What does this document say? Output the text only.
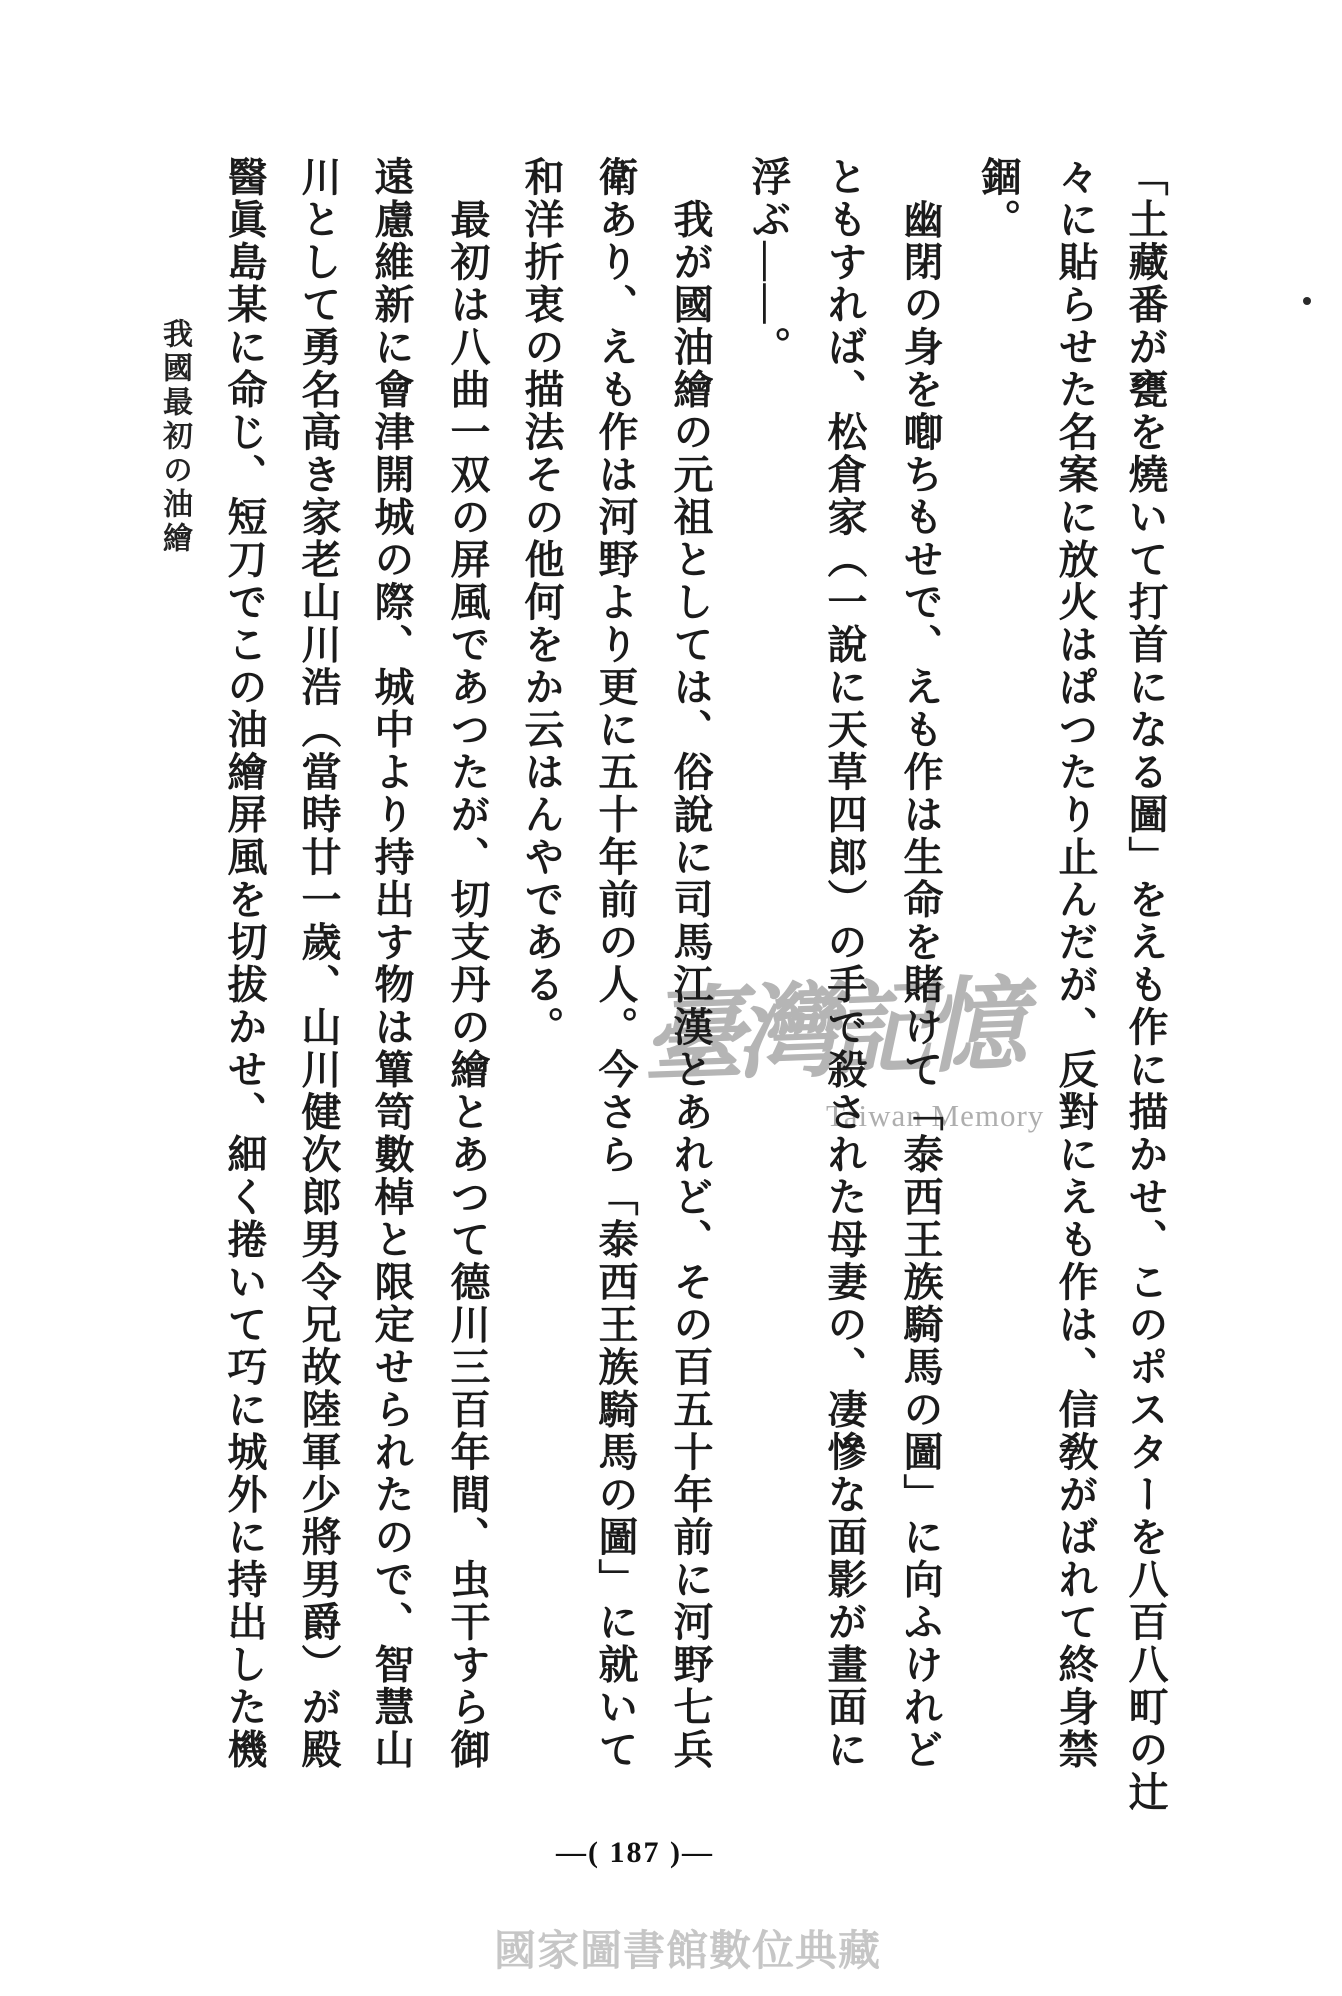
臺灣記憶
Taiwan Memory
我國最初の油繪	「土藏番が甕を燒いて打首になる圖」をえも作に描かせ、このポスターを八百八町の辻
々に貼らせた名案に放火はぱつたり止んだが、反對にえも作は、信敎がばれて終身禁
錮。
　幽閉の身を喞ちもせで、えも作は生命を賭けて「泰西王族騎馬の圖」に向ふけれど
ともすれば、松倉家（一說に天草四郎）の手で殺された母妻の、凄慘な面影が畫面に
浮ぶ――。
　我が國油繪の元祖としては、俗說に司馬江漢とあれど、その百五十年前に河野七兵
衛あり、えも作は河野より更に五十年前の人。今さら「泰西王族騎馬の圖」に就いて
和洋折衷の描法その他何をか云はんやである。
　最初は八曲一双の屏風であつたが、切支丹の繪とあつて德川三百年間、虫干すら御
遠慮維新に會津開城の際、城中より持出す物は簞笥數棹と限定せられたので、智慧山
川として勇名高き家老山川浩（當時廿一歲、山川健次郎男令兄故陸軍少將男爵）が殿
醫眞島某に命じ、短刀でこの油繪屏風を切拔かせ、細く捲いて巧に城外に持出した機
—( 187 )—
國家圖書館數位典藏
